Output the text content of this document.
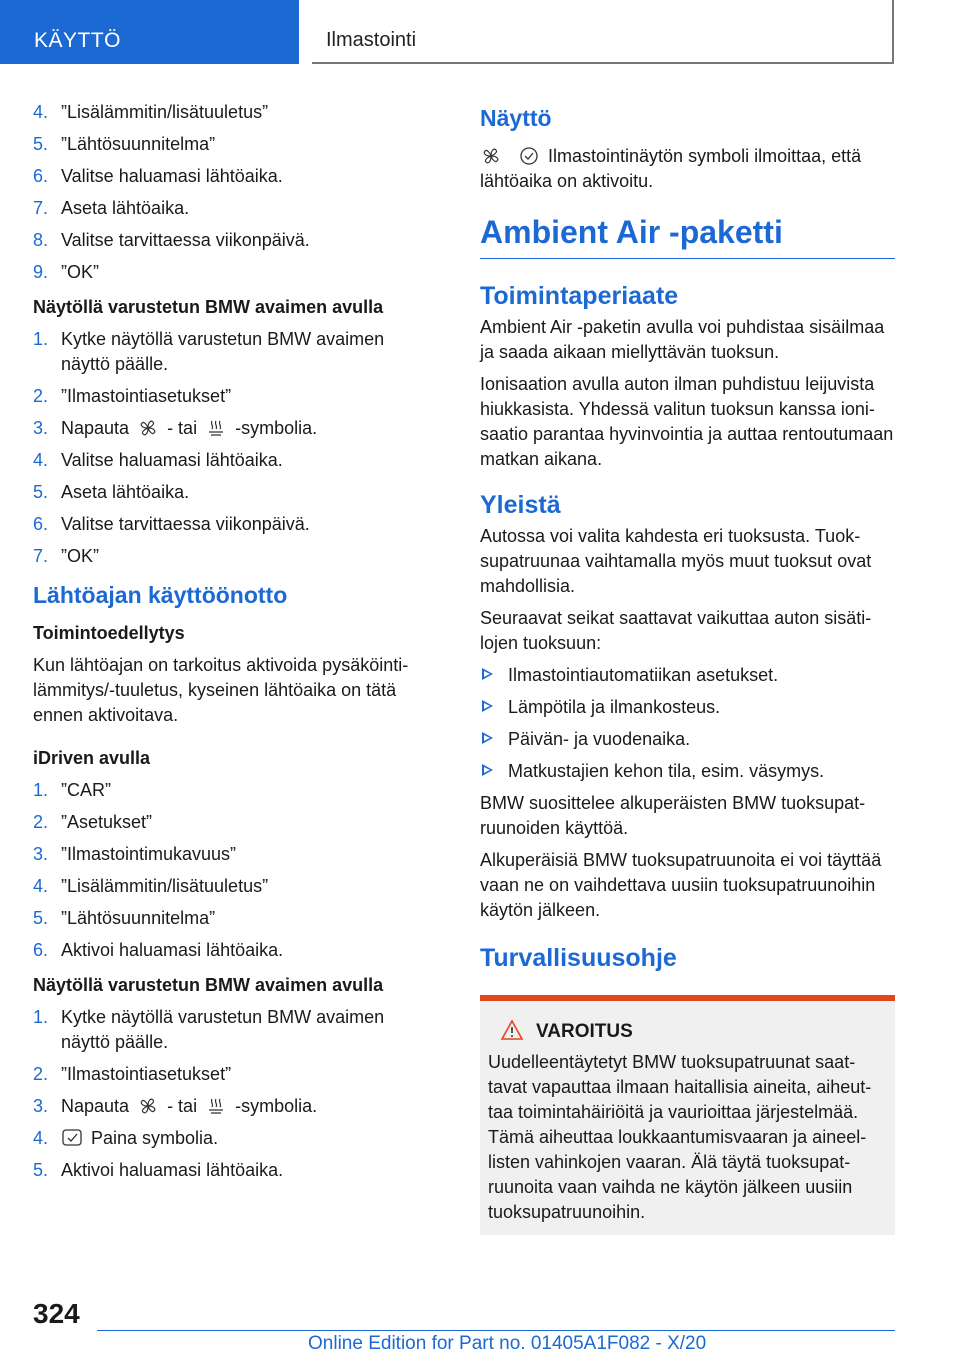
KÄYTTÖ	Ilmastointi
4. ”Lisälämmitin/lisätuuletus”
5. ”Lähtösuunnitelma”
6. Valitse haluamasi lähtöaika.
7. Aseta lähtöaika.
8. Valitse tarvittaessa viikonpäivä.
9. ”OK”
Näytöllä varustetun BMW avaimen avulla
1. Kytke näytöllä varustetun BMW avaimen näyttö päälle.
2. ”Ilmastointiasetukset”
3. Napauta - tai -symbolia.
4. Valitse haluamasi lähtöaika.
5. Aseta lähtöaika.
6. Valitse tarvittaessa viikonpäivä.
7. ”OK”
Lähtöajan käyttöönotto
Toimintoedellytys

Kun lähtöajan on tarkoitus aktivoida pysäköintilämmitys/-tuuletus, kyseinen lähtöaika on tätä ennen aktivoitava.

iDriven avulla
1. ”CAR”
2. ”Asetukset”
3. ”Ilmastointimukavuus”
4. ”Lisälämmitin/lisätuuletus”
5. ”Lähtösuunnitelma”
6. Aktivoi haluamasi lähtöaika.
Näytöllä varustetun BMW avaimen avulla
1. Kytke näytöllä varustetun BMW avaimen näyttö päälle.
2. ”Ilmastointiasetukset”
3. Napauta - tai -symbolia.
4. Paina symbolia.
5. Aktivoi haluamasi lähtöaika.
Näyttö

Ilmastointinäytön symboli ilmoittaa, että lähtöaika on aktivoitu.

Ambient Air -paketti
Toimintaperiaate

Ambient Air -paketin avulla voi puhdistaa sisäilmaa ja saada aikaan miellyttävän tuoksun.

Ionisaation avulla auton ilman puhdistuu leijuvista hiukkasista. Yhdessä valitun tuoksun kanssa ionisaatio parantaa hyvinvointia ja auttaa rentoutumaan matkan aikana.

Yleistä

Autossa voi valita kahdesta eri tuoksusta. Tuoksupatruunaa vaihtamalla myös muut tuoksut ovat mahdollisia.

Seuraavat seikat saattavat vaikuttaa auton sisätilojen tuoksuun:

Ilmastointiautomatiikan asetukset.
Lämpötila ja ilmankosteus.
Päivän- ja vuodenaika.
Matkustajien kehon tila, esim. väsymys.

BMW suosittelee alkuperäisten BMW tuoksupatruunoiden käyttöä.

Alkuperäisiä BMW tuoksupatruunoita ei voi täyttää vaan ne on vaihdettava uusiin tuoksupatruunoihin käytön jälkeen.

Turvallisuusohje
VAROITUS

Uudelleentäytetyt BMW tuoksupatruunat saattavat vapauttaa ilmaan haitallisia aineita, aiheuttaa toimintahäiriöitä ja vaurioittaa järjestelmää. Tämä aiheuttaa loukkaantumisvaaran ja aineellisten vahinkojen vaaran. Älä täytä tuoksupatruunoita vaan vaihda ne käytön jälkeen uusiin tuoksupatruunoihin.

324
Online Edition for Part no. 01405A1F082 - X/20
